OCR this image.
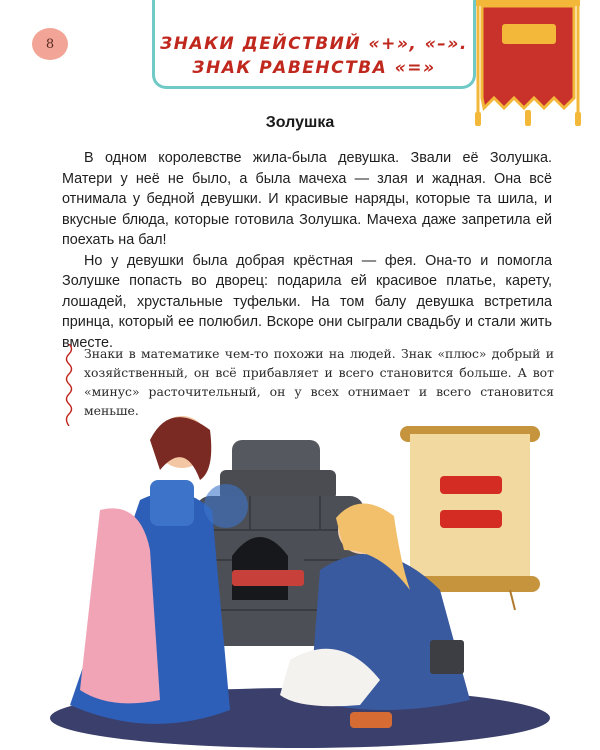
8	ЗНАКИ ДЕЙСТВИЙ «+», «–».
ЗНАК РАВЕНСТВА «=»
Золушка

В одном королевстве жила-была девушка. Звали её Золушка. Матери у неё не было, а была мачеха — злая и жадная. Она всё отнимала у бедной девушки. И красивые наряды, которые та шила, и вкусные блюда, которые готовила Золушка. Мачеха даже запретила ей поехать на бал!

Но у девушки была добрая крёстная — фея. Она-то и помогла Золушке попасть во дворец: подарила ей красивое платье, карету, лошадей, хрустальные туфельки. На том балу девушка встретила принца, который ее полюбил. Вскоре они сыграли свадьбу и стали жить вместе.

Знаки в математике чем-то похожи на людей. Знак «плюс» добрый и хозяйственный, он всё прибавляет и всего становится больше. А вот «минус» расточительный, он у всех отнимает и всего становится меньше.
